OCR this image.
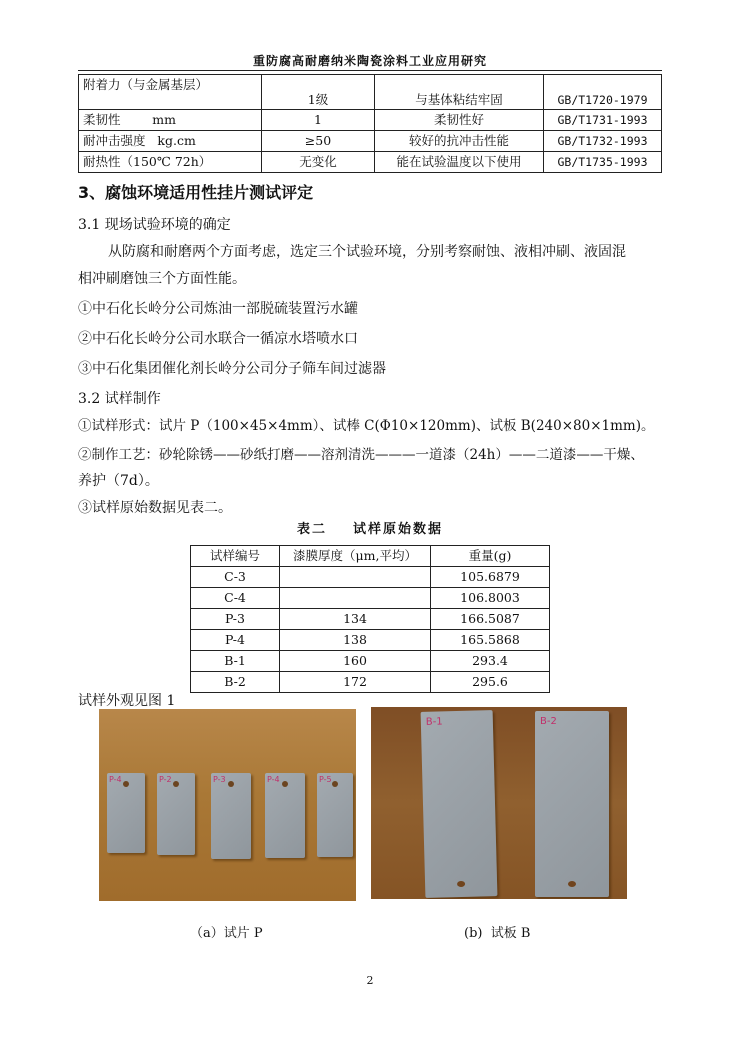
重防腐高耐磨纳米陶瓷涂料工业应用研究
附着力（与金属基层）	1级	与基体粘结牢固	GB/T1720-1979
柔韧性        mm	1	柔韧性好	GB/T1731-1993
耐冲击强度   kg.cm	≥50	较好的抗冲击性能	GB/T1732-1993
耐热性（150℃ 72h）	无变化	能在试验温度以下使用	GB/T1735-1993
3、腐蚀环境适用性挂片测试评定
3.1 现场试验环境的确定
从防腐和耐磨两个方面考虑，选定三个试验环境，分别考察耐蚀、液相冲刷、液固混
相冲刷磨蚀三个方面性能。
①中石化长岭分公司炼油一部脱硫装置污水罐
②中石化长岭分公司水联合一循凉水塔喷水口
③中石化集团催化剂长岭分公司分子筛车间过滤器
3.2 试样制作
①试样形式：试片 P（100×45×4mm）、试棒 C(Φ10×120mm)、试板 B(240×80×1mm)。
②制作工艺：砂轮除锈——砂纸打磨——溶剂清洗———一道漆（24h）——二道漆——干燥、
养护（7d）。
③试样原始数据见表二。
表二    试样原始数据
试样编号	漆膜厚度（μm,平均）	重量(g)
C-3		105.6879
C-4		106.8003
P-3	134	166.5087
P-4	138	165.5868
B-1	160	293.4
B-2	172	295.6
试样外观见图 1
P-4	P-2	P-3	P-4	P-5
B-1	B-2
（a）试片 P	(b)  试板 B
2
